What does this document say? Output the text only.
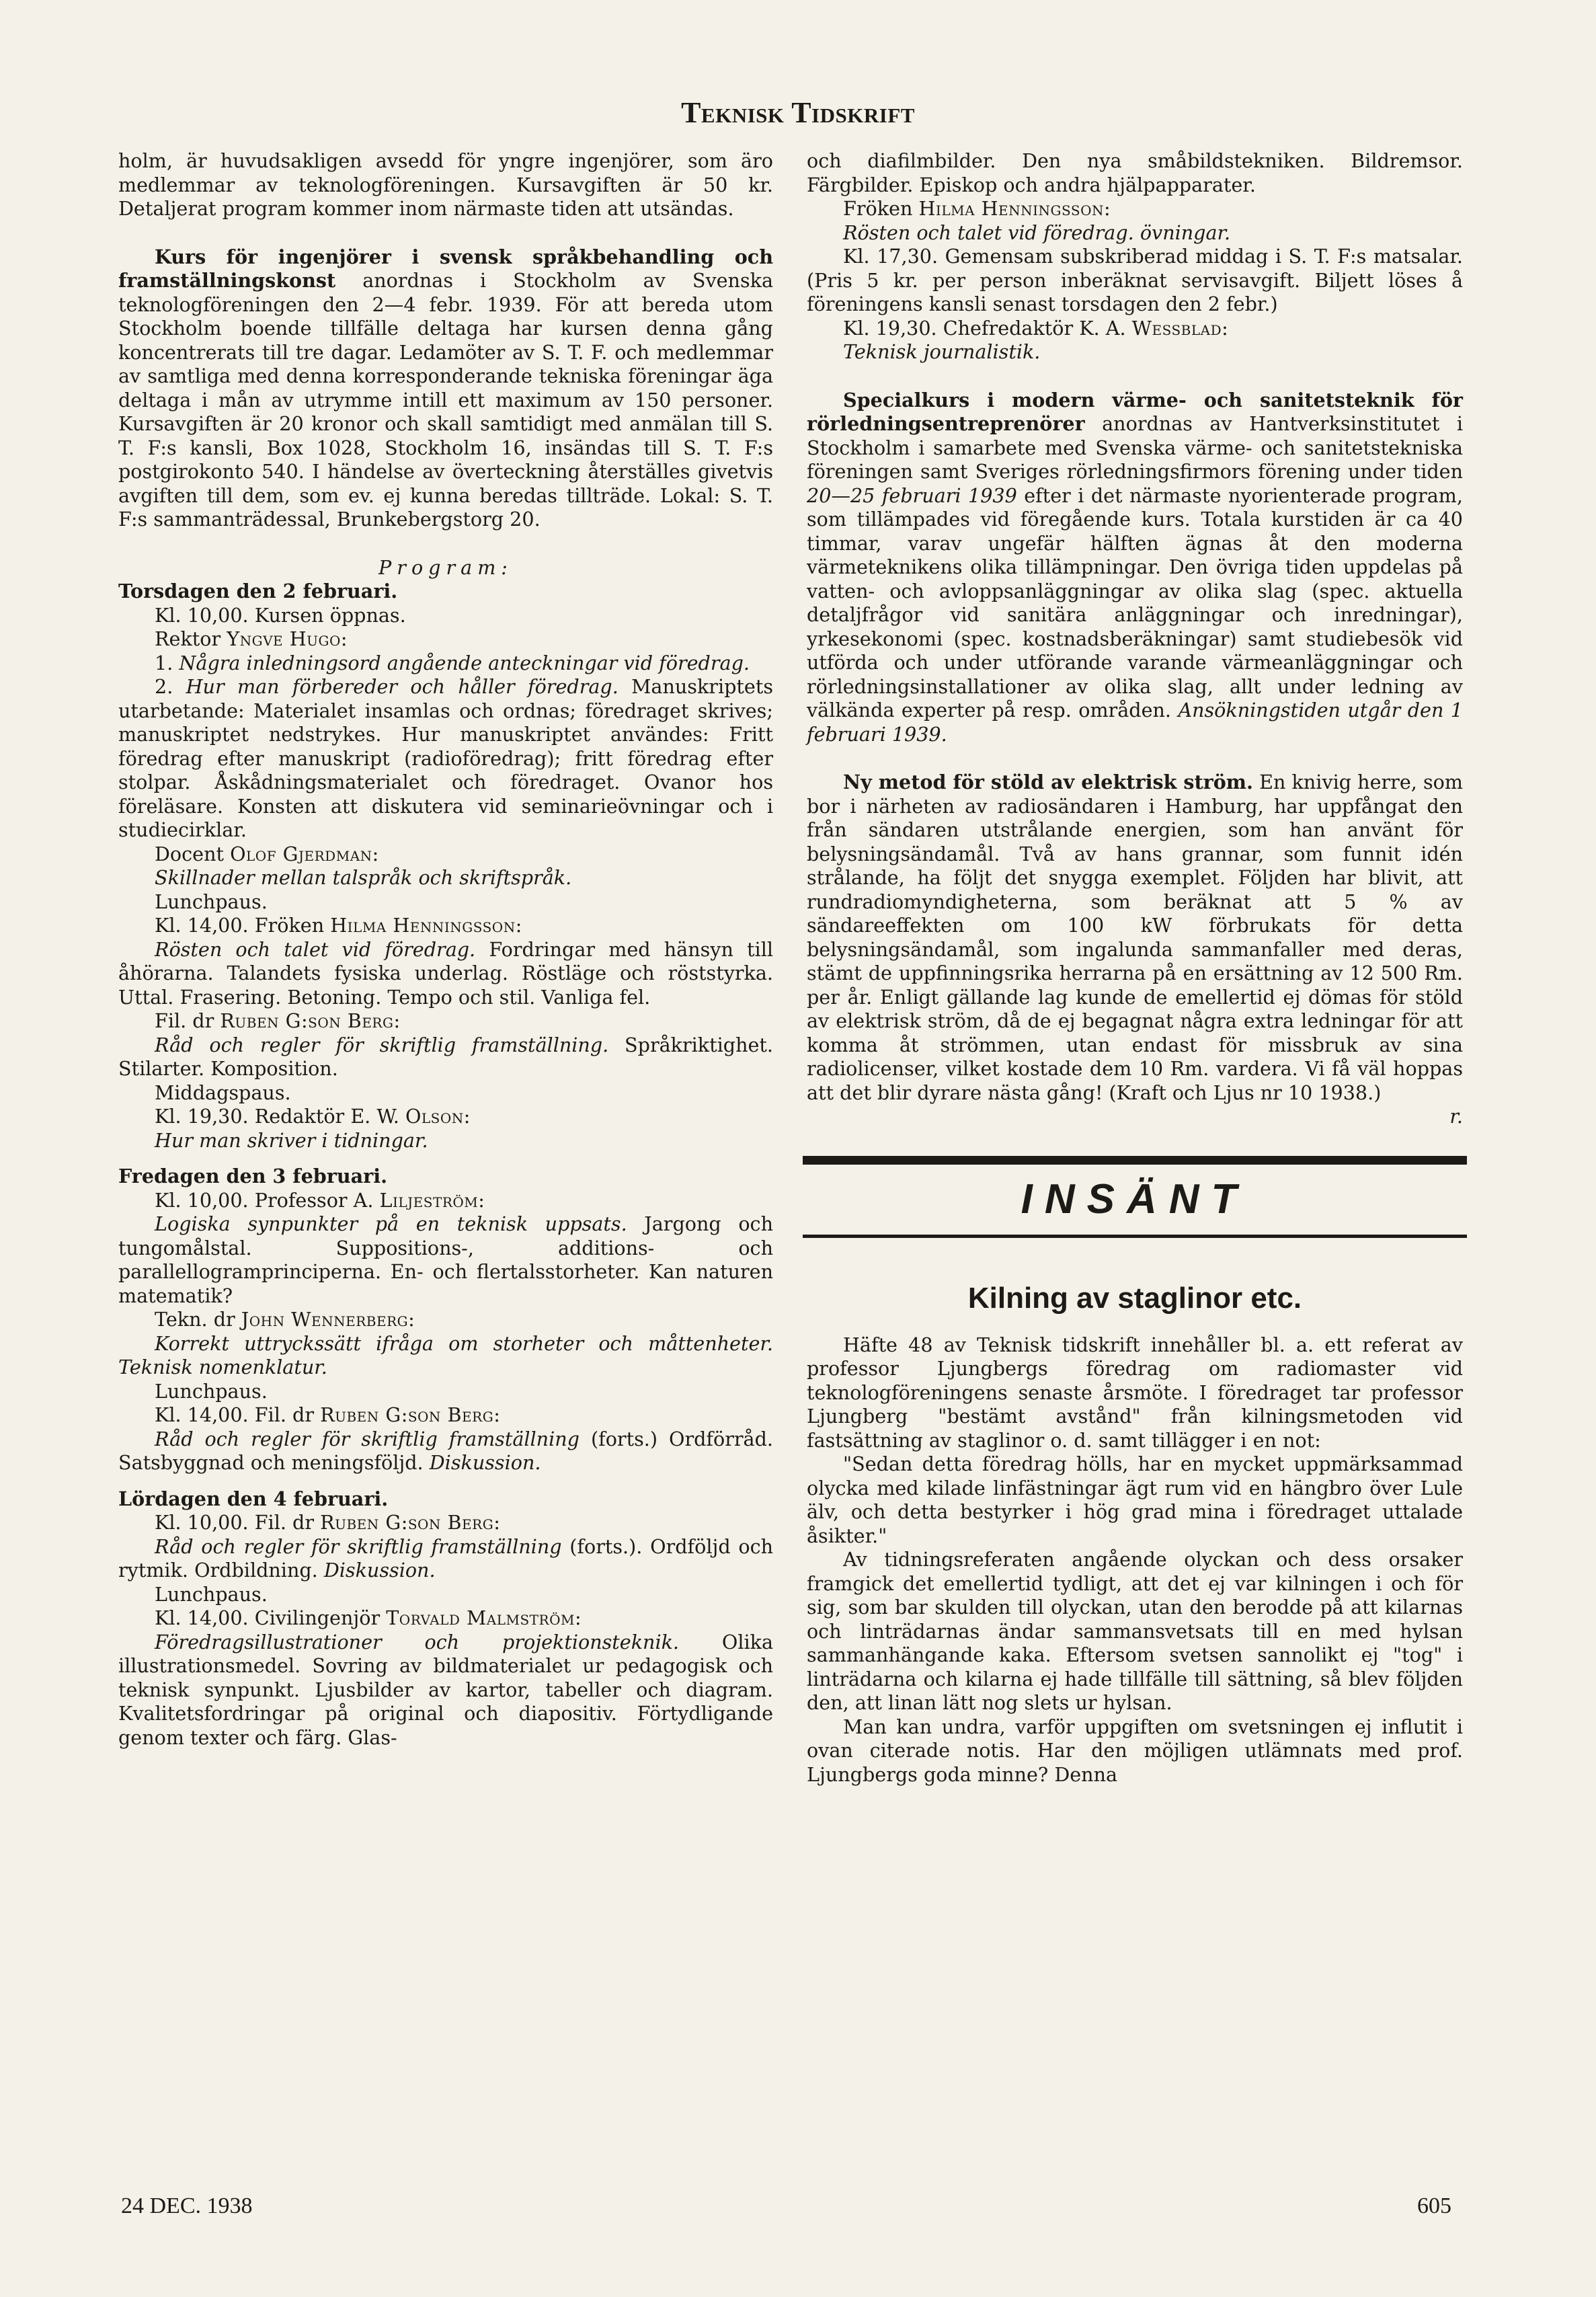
Teknisk Tidskrift

holm, är huvudsakligen avsedd för yngre ingenjörer, som äro medlemmar av teknologföreningen. Kursavgiften är 50 kr. Detaljerat program kommer inom närmaste tiden att utsändas.

Kurs för ingenjörer i svensk språkbehandling och framställningskonst anordnas i Stockholm av Svenska teknologföreningen den 2—4 febr. 1939. För att bereda utom Stockholm boende tillfälle deltaga har kursen denna gång koncentrerats till tre dagar. Ledamöter av S. T. F. och medlemmar av samtliga med denna korresponderande tekniska föreningar äga deltaga i mån av utrymme intill ett maximum av 150 personer. Kursavgiften är 20 kronor och skall samtidigt med anmälan till S. T. F:s kansli, Box 1028, Stockholm 16, insändas till S. T. F:s postgirokonto 540. I händelse av överteckning återställes givetvis avgiften till dem, som ev. ej kunna beredas tillträde. Lokal: S. T. F:s sammanträdessal, Brunkebergstorg 20.

Program:

Torsdagen den 2 februari.

Kl. 10,00. Kursen öppnas.

Rektor Yngve Hugo:

1. Några inledningsord angående anteckningar vid föredrag.

2. Hur man förbereder och håller föredrag. Manuskriptets utarbetande: Materialet insamlas och ordnas; föredraget skrives; manuskriptet nedstrykes. Hur manuskriptet användes: Fritt föredrag efter manuskript (radioföredrag); fritt föredrag efter stolpar. Åskådningsmaterialet och föredraget. Ovanor hos föreläsare. Konsten att diskutera vid seminarieövningar och i studiecirklar.

Docent Olof Gjerdman:

Skillnader mellan talspråk och skriftspråk.

Lunchpaus.

Kl. 14,00. Fröken Hilma Henningsson:

Rösten och talet vid föredrag. Fordringar med hänsyn till åhörarna. Talandets fysiska underlag. Röstläge och röststyrka. Uttal. Frasering. Betoning. Tempo och stil. Vanliga fel.

Fil. dr Ruben G:son Berg:

Råd och regler för skriftlig framställning. Språkriktighet. Stilarter. Komposition.

Middagspaus.

Kl. 19,30. Redaktör E. W. Olson:

Hur man skriver i tidningar.

Fredagen den 3 februari.

Kl. 10,00. Professor A. Liljeström:

Logiska synpunkter på en teknisk uppsats. Jargong och tungomålstal. Suppositions-, additions- och parallellogramprinciperna. En- och flertalsstorheter. Kan naturen matematik?

Tekn. dr John Wennerberg:

Korrekt uttryckssätt ifråga om storheter och måttenheter. Teknisk nomenklatur.

Lunchpaus.

Kl. 14,00. Fil. dr Ruben G:son Berg:

Råd och regler för skriftlig framställning (forts.) Ordförråd. Satsbyggnad och meningsföljd. Diskussion.

Lördagen den 4 februari.

Kl. 10,00. Fil. dr Ruben G:son Berg:

Råd och regler för skriftlig framställning (forts.). Ordföljd och rytmik. Ordbildning. Diskussion.

Lunchpaus.

Kl. 14,00. Civilingenjör Torvald Malmström:

Föredragsillustrationer och projektionsteknik. Olika illustrationsmedel. Sovring av bildmaterialet ur pedagogisk och teknisk synpunkt. Ljusbilder av kartor, tabeller och diagram. Kvalitetsfordringar på original och diapositiv. Förtydligande genom texter och färg. Glas-

och diafilmbilder. Den nya småbildstekniken. Bildremsor. Färgbilder. Episkop och andra hjälpapparater.

Fröken Hilma Henningsson:

Rösten och talet vid föredrag. övningar.

Kl. 17,30. Gemensam subskriberad middag i S. T. F:s matsalar. (Pris 5 kr. per person inberäknat servisavgift. Biljett löses å föreningens kansli senast torsdagen den 2 febr.)

Kl. 19,30. Chefredaktör K. A. Wessblad:

Teknisk journalistik.

Specialkurs i modern värme- och sanitetsteknik för rörledningsentreprenörer anordnas av Hantverksinstitutet i Stockholm i samarbete med Svenska värme- och sanitetstekniska föreningen samt Sveriges rörledningsfirmors förening under tiden 20—25 februari 1939 efter i det närmaste nyorienterade program, som tillämpades vid föregående kurs. Totala kurstiden är ca 40 timmar, varav ungefär hälften ägnas åt den moderna värmeteknikens olika tillämpningar. Den övriga tiden uppdelas på vatten- och avloppsanläggningar av olika slag (spec. aktuella detaljfrågor vid sanitära anläggningar och inredningar), yrkesekonomi (spec. kostnadsberäkningar) samt studiebesök vid utförda och under utförande varande värmeanläggningar och rörledningsinstallationer av olika slag, allt under ledning av välkända experter på resp. områden. Ansökningstiden utgår den 1 februari 1939.

Ny metod för stöld av elektrisk ström. En knivig herre, som bor i närheten av radiosändaren i Hamburg, har uppfångat den från sändaren utstrålande energien, som han använt för belysningsändamål. Två av hans grannar, som funnit idén strålande, ha följt det snygga exemplet. Följden har blivit, att rundradiomyndigheterna, som beräknat att 5 % av sändareeffekten om 100 kW förbrukats för detta belysningsändamål, som ingalunda sammanfaller med deras, stämt de uppfinningsrika herrarna på en ersättning av 12 500 Rm. per år. Enligt gällande lag kunde de emellertid ej dömas för stöld av elektrisk ström, då de ej begagnat några extra ledningar för att komma åt strömmen, utan endast för missbruk av sina radiolicenser, vilket kostade dem 10 Rm. vardera. Vi få väl hoppas att det blir dyrare nästa gång! (Kraft och Ljus nr 10 1938.)

r.

INSÄNT
Kilning av staglinor etc.

Häfte 48 av Teknisk tidskrift innehåller bl. a. ett referat av professor Ljungbergs föredrag om radiomaster vid teknologföreningens senaste årsmöte. I föredraget tar professor Ljungberg "bestämt avstånd" från kilningsmetoden vid fastsättning av staglinor o. d. samt tillägger i en not:

"Sedan detta föredrag hölls, har en mycket uppmärksammad olycka med kilade linfästningar ägt rum vid en hängbro över Lule älv, och detta bestyrker i hög grad mina i föredraget uttalade åsikter."

Av tidningsreferaten angående olyckan och dess orsaker framgick det emellertid tydligt, att det ej var kilningen i och för sig, som bar skulden till olyckan, utan den berodde på att kilarnas och linträdarnas ändar sammansvetsats till en med hylsan sammanhängande kaka. Eftersom svetsen sannolikt ej "tog" i linträdarna och kilarna ej hade tillfälle till sättning, så blev följden den, att linan lätt nog slets ur hylsan.

Man kan undra, varför uppgiften om svetsningen ej influtit i ovan citerade notis. Har den möjligen utlämnats med prof. Ljungbergs goda minne? Denna

24 DEC. 1938	605
